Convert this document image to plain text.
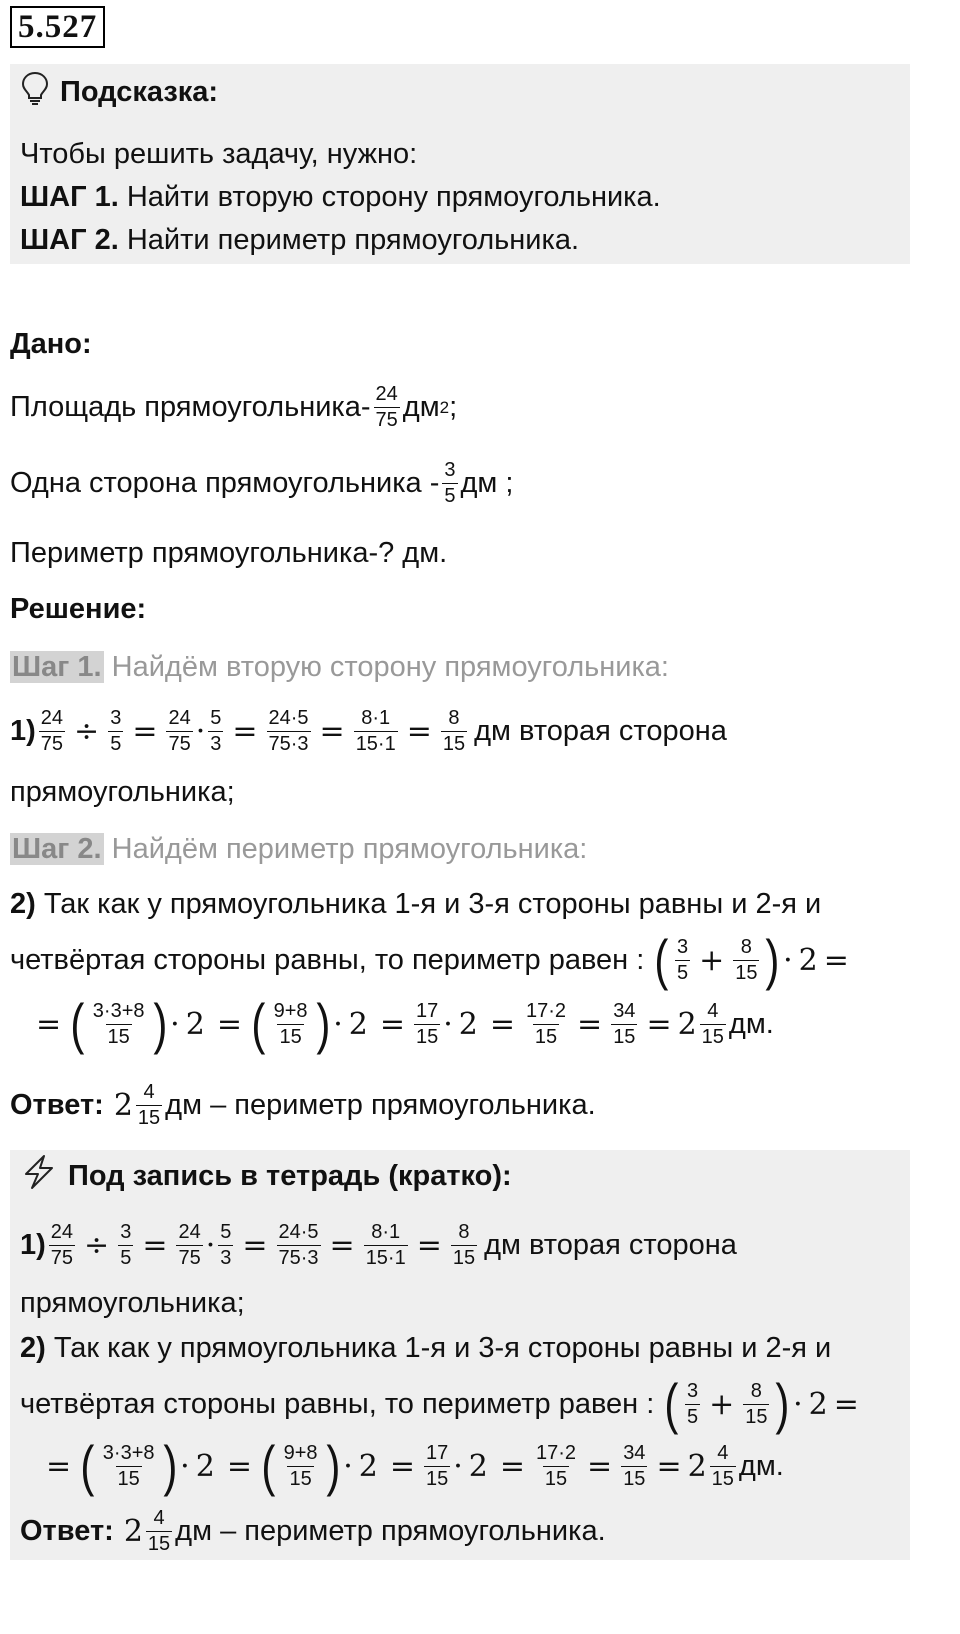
5.527
Подсказка:
Чтобы решить задачу, нужно:
ШАГ 1. Найти вторую сторону прямоугольника.
ШАГ 2. Найти периметр прямоугольника.
Дано:
Площадь прямоугольника- $\frac{24}{75}$ дм 2 ;
Одна сторона прямоугольника - $\frac{3}{5}$ дм ;
Периметр прямоугольника-? дм.
Решение:
Шаг 1. Найдём вторую сторону прямоугольника:
$1) \frac{24}{75} \div \frac{3}{5} = \frac{24}{75} \cdot \frac{5}{3} = \frac{24\cdot 5}{75\cdot 3} = \frac{8\cdot 1}{15\cdot 1} = \frac{8}{15}$ дм вторая сторона
прямоугольника;
Шаг 2. Найдём периметр прямоугольника:
2) Так как у прямоугольника 1-я и 3-я стороны равны и 2-я и
четвёртая стороны равны, то периметр равен : ( $\frac{3}{5} + \frac{8}{15}$ ) · 2 =
= ( $\frac{3\cdot 3+8}{15}$ ) · 2 = ( $\frac{9+8}{15}$ ) · $2 = \frac{17}{15} \cdot 2 = \frac{17\cdot 2}{15} = \frac{34}{15} = 2 \frac{4}{15}$ дм.
Ответ: $2 \frac{4}{15}$ дм – периметр прямоугольника.
Под запись в тетрадь (кратко):
$1) \frac{24}{75} \div \frac{3}{5} = \frac{24}{75} \cdot \frac{5}{3} = \frac{24\cdot 5}{75\cdot 3} = \frac{8\cdot 1}{15\cdot 1} = \frac{8}{15}$ дм вторая сторона
прямоугольника;
2) Так как у прямоугольника 1-я и 3-я стороны равны и 2-я и
четвёртая стороны равны, то периметр равен : ( $\frac{3}{5} + \frac{8}{15}$ ) · 2 =
= ( $\frac{3\cdot 3+8}{15}$ ) · 2 = ( $\frac{9+8}{15}$ ) · $2 = \frac{17}{15} \cdot 2 = \frac{17\cdot 2}{15} = \frac{34}{15} = 2 \frac{4}{15}$ дм.
Ответ: $2 \frac{4}{15}$ дм – периметр прямоугольника.
